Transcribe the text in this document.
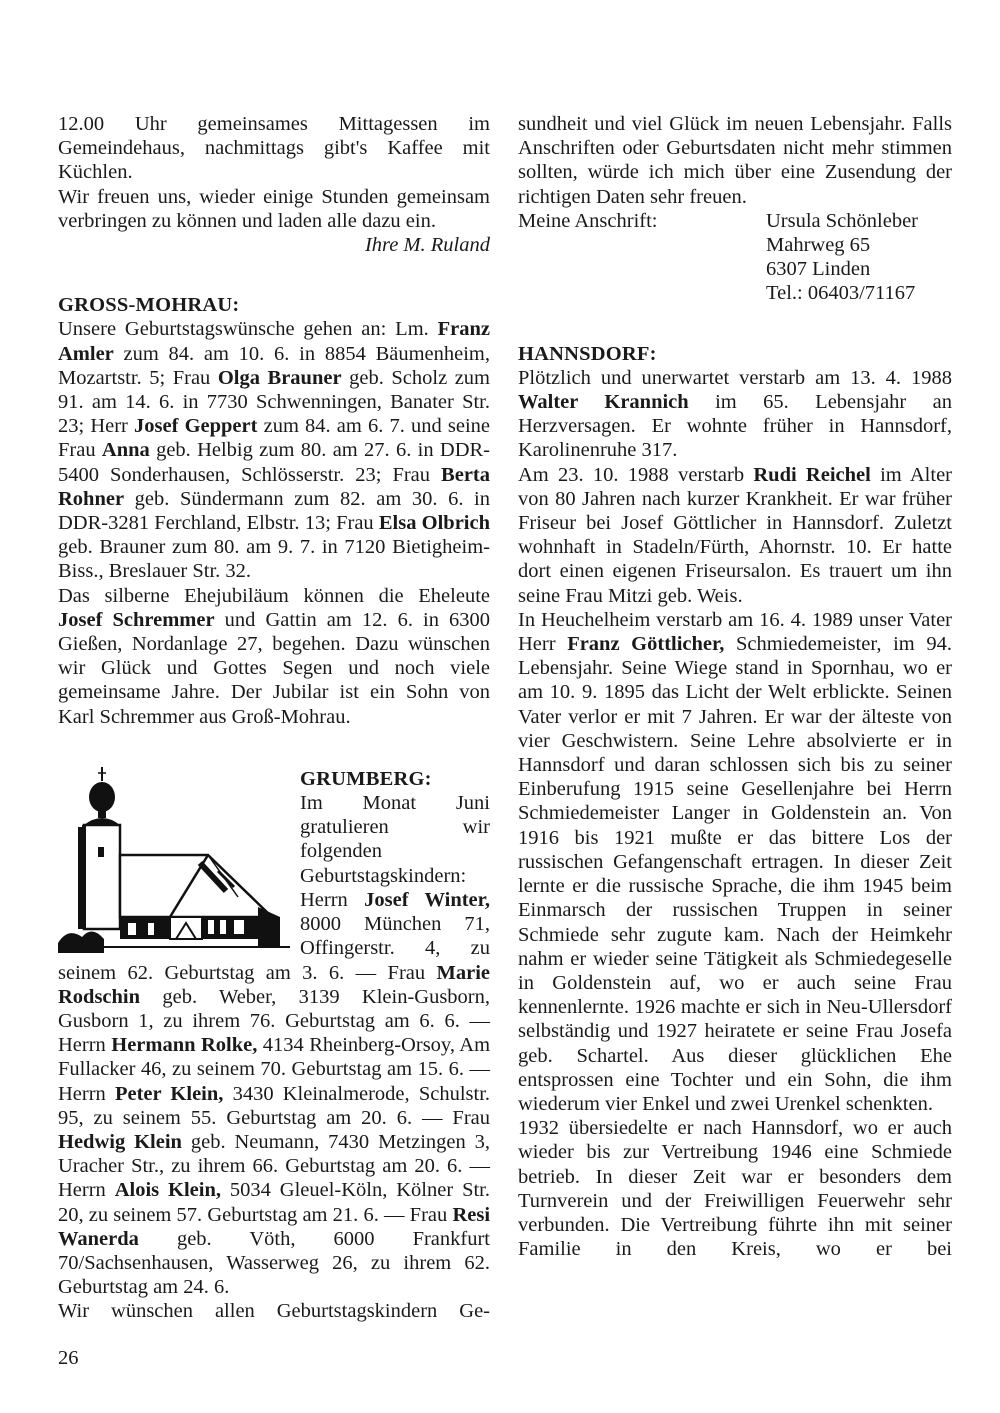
12.00 Uhr gemeinsames Mittagessen im Gemeindehaus, nachmittags gibt's Kaffee mit Küchlen.

Wir freuen uns, wieder einige Stunden gemeinsam verbringen zu können und laden alle dazu ein.

Ihre M. Ruland
GROSS-MOHRAU:

Unsere Geburtstagswünsche gehen an: Lm. Franz Amler zum 84. am 10. 6. in 8854 Bäumenheim, Mozartstr. 5; Frau Olga Brauner geb. Scholz zum 91. am 14. 6. in 7730 Schwenningen, Banater Str. 23; Herr Josef Geppert zum 84. am 6. 7. und seine Frau Anna geb. Helbig zum 80. am 27. 6. in DDR-5400 Sonderhausen, Schlösserstr. 23; Frau Berta Rohner geb. Sündermann zum 82. am 30. 6. in DDR-3281 Ferchland, Elbstr. 13; Frau Elsa Olbrich geb. Brauner zum 80. am 9. 7. in 7120 Bietigheim-Biss., Breslauer Str. 32.

Das silberne Ehejubiläum können die Eheleute Josef Schremmer und Gattin am 12. 6. in 6300 Gießen, Nordanlage 27, begehen. Dazu wünschen wir Glück und Gottes Segen und noch viele gemeinsame Jahre. Der Jubilar ist ein Sohn von Karl Schremmer aus Groß-Mohrau.

GRUMBERG:

Im Monat Juni gratulieren wir folgenden Geburtstagskindern: Herrn Josef Winter, 8000 München 71, Offingerstr. 4, zu seinem 62. Geburtstag am 3. 6. — Frau Marie Rodschin geb. Weber, 3139 Klein-Gusborn, Gusborn 1, zu ihrem 76. Geburtstag am 6. 6. — Herrn Hermann Rolke, 4134 Rheinberg-Orsoy, Am Fullacker 46, zu seinem 70. Geburtstag am 15. 6. — Herrn Peter Klein, 3430 Kleinalmerode, Schulstr. 95, zu seinem 55. Geburtstag am 20. 6. — Frau Hedwig Klein geb. Neumann, 7430 Metzingen 3, Uracher Str., zu ihrem 66. Geburtstag am 20. 6. — Herrn Alois Klein, 5034 Gleuel-Köln, Kölner Str. 20, zu seinem 57. Geburtstag am 21. 6. — Frau Resi Wanerda geb. Vöth, 6000 Frankfurt 70/Sachsenhausen, Wasserweg 26, zu ihrem 62. Geburtstag am 24. 6.

Wir wünschen allen Geburtstagskindern Ge-

sundheit und viel Glück im neuen Lebensjahr. Falls Anschriften oder Geburtsdaten nicht mehr stimmen sollten, würde ich mich über eine Zusendung der richtigen Daten sehr freuen.

Meine Anschrift:	Ursula Schönleber
Mahrweg 65
6307 Linden
Tel.: 06403/71167
HANNSDORF:

Plötzlich und unerwartet verstarb am 13. 4. 1988 Walter Krannich im 65. Lebensjahr an Herzversagen. Er wohnte früher in Hannsdorf, Karolinenruhe 317.

Am 23. 10. 1988 verstarb Rudi Reichel im Alter von 80 Jahren nach kurzer Krankheit. Er war früher Friseur bei Josef Göttlicher in Hannsdorf. Zuletzt wohnhaft in Stadeln/Fürth, Ahornstr. 10. Er hatte dort einen eigenen Friseursalon. Es trauert um ihn seine Frau Mitzi geb. Weis.

In Heuchelheim verstarb am 16. 4. 1989 unser Vater Herr Franz Göttlicher, Schmiedemeister, im 94. Lebensjahr. Seine Wiege stand in Spornhau, wo er am 10. 9. 1895 das Licht der Welt erblickte. Seinen Vater verlor er mit 7 Jahren. Er war der älteste von vier Geschwistern. Seine Lehre absolvierte er in Hannsdorf und daran schlossen sich bis zu seiner Einberufung 1915 seine Gesellenjahre bei Herrn Schmiedemeister Langer in Goldenstein an. Von 1916 bis 1921 mußte er das bittere Los der russischen Gefangenschaft ertragen. In dieser Zeit lernte er die russische Sprache, die ihm 1945 beim Einmarsch der russischen Truppen in seiner Schmiede sehr zugute kam. Nach der Heimkehr nahm er wieder seine Tätigkeit als Schmiedegeselle in Goldenstein auf, wo er auch seine Frau kennenlernte. 1926 machte er sich in Neu-Ullersdorf selbständig und 1927 heiratete er seine Frau Josefa geb. Schartel. Aus dieser glücklichen Ehe entsprossen eine Tochter und ein Sohn, die ihm wiederum vier Enkel und zwei Urenkel schenkten.

1932 übersiedelte er nach Hannsdorf, wo er auch wieder bis zur Vertreibung 1946 eine Schmiede betrieb. In dieser Zeit war er besonders dem Turnverein und der Freiwilligen Feuerwehr sehr verbunden. Die Vertreibung führte ihn mit seiner Familie in den Kreis, wo er bei

26
